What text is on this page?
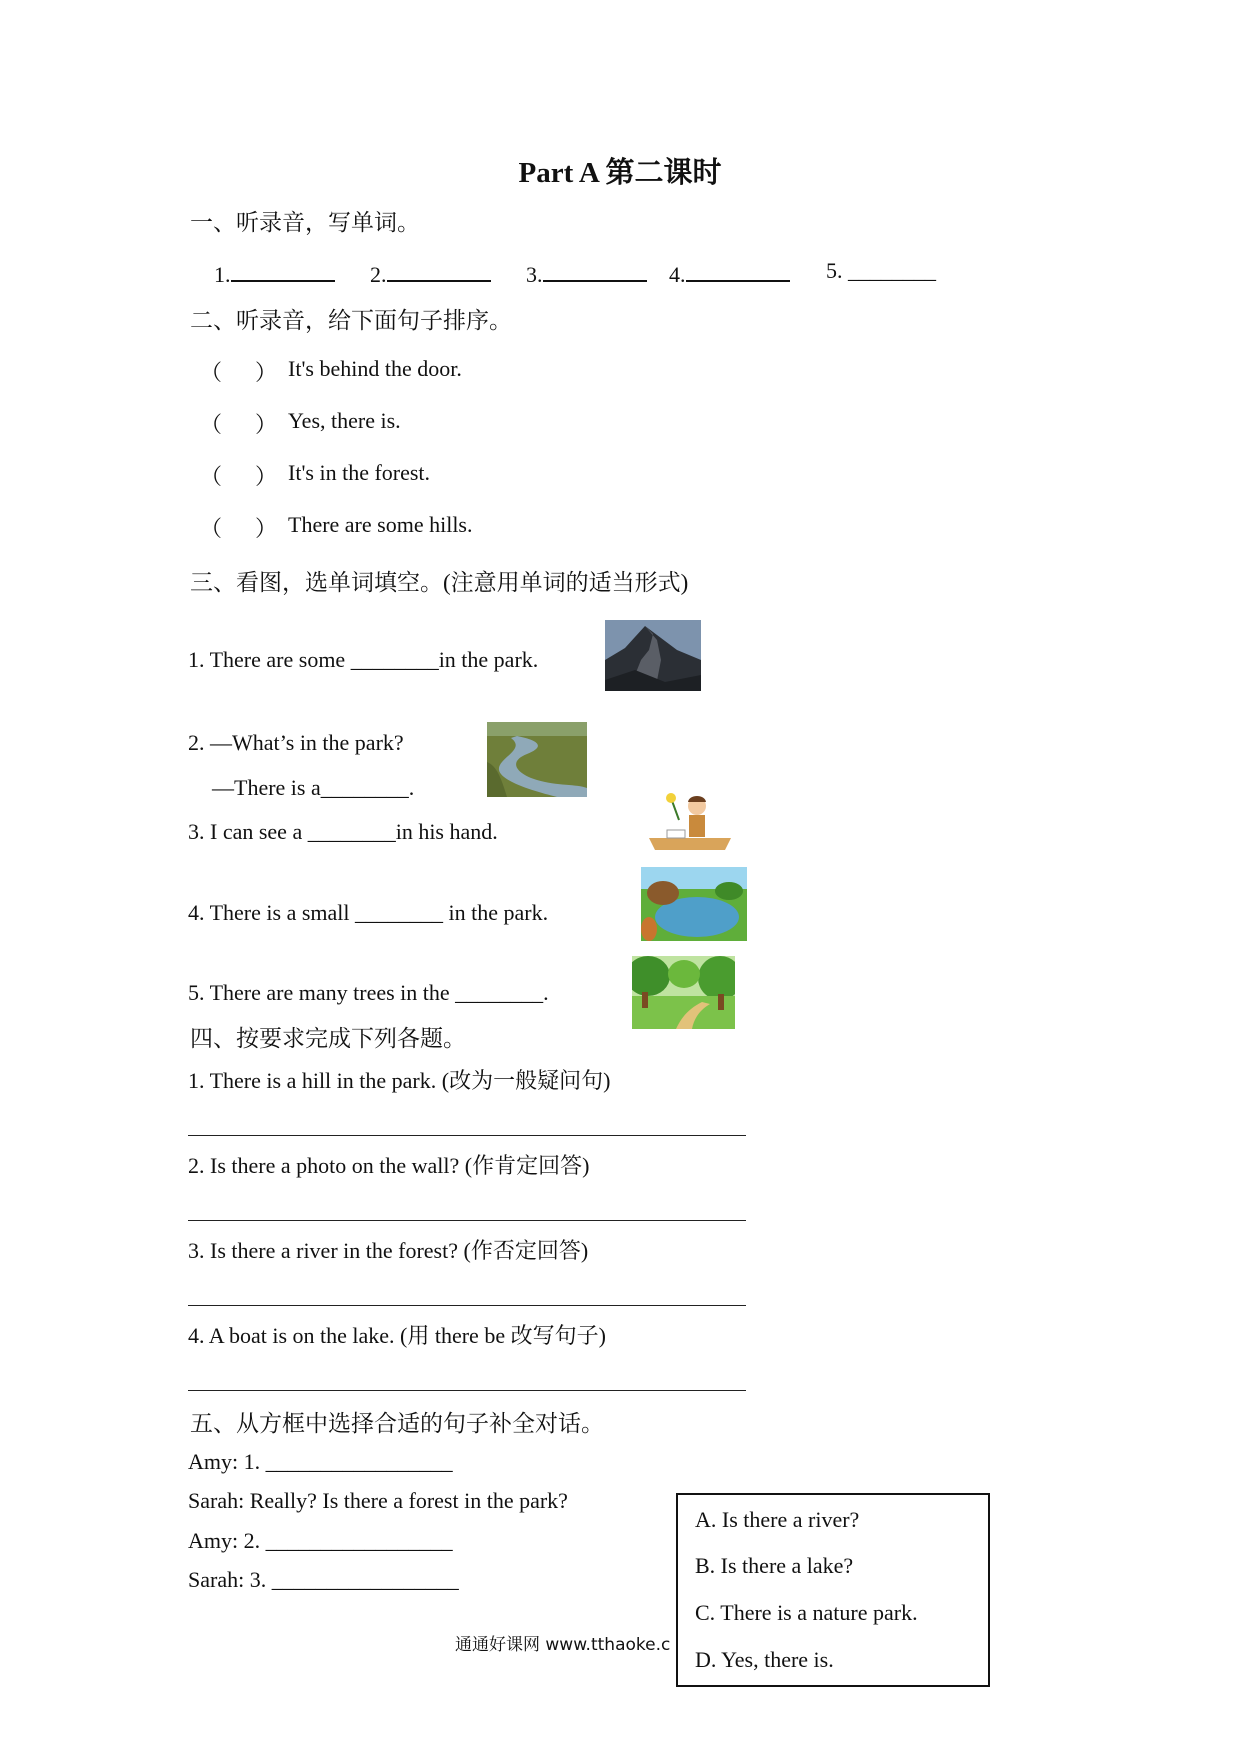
Part A 第二课时
一、听录音，写单词。
1.	2.	3.	4.	5. ________
二、听录音，给下面句子排序。
（      ） It's behind the door.
（      ） Yes, there is.
（      ） It's in the forest.
（      ） There are some hills.
三、看图，选单词填空。(注意用单词的适当形式)
1. There are some ________in the park.
2. —What’s in the park?
—There is a________.
3. I can see a ________in his hand.
4. There is a small ________ in the park.
5. There are many trees in the ________.
四、按要求完成下列各题。
1. There is a hill in the park. (改为一般疑问句)
2. Is there a photo on the wall? (作肯定回答)
3. Is there a river in the forest? (作否定回答)
4. A boat is on the lake. (用 there be 改写句子)
五、从方框中选择合适的句子补全对话。
Amy: 1. _________________
Sarah: Really? Is there a forest in the park?
Amy: 2. _________________
Sarah: 3. _________________
A. Is there a river?
B. Is there a lake?
C. There is a nature park.
D. Yes, there is.
通通好课网 www.tthaoke.c
